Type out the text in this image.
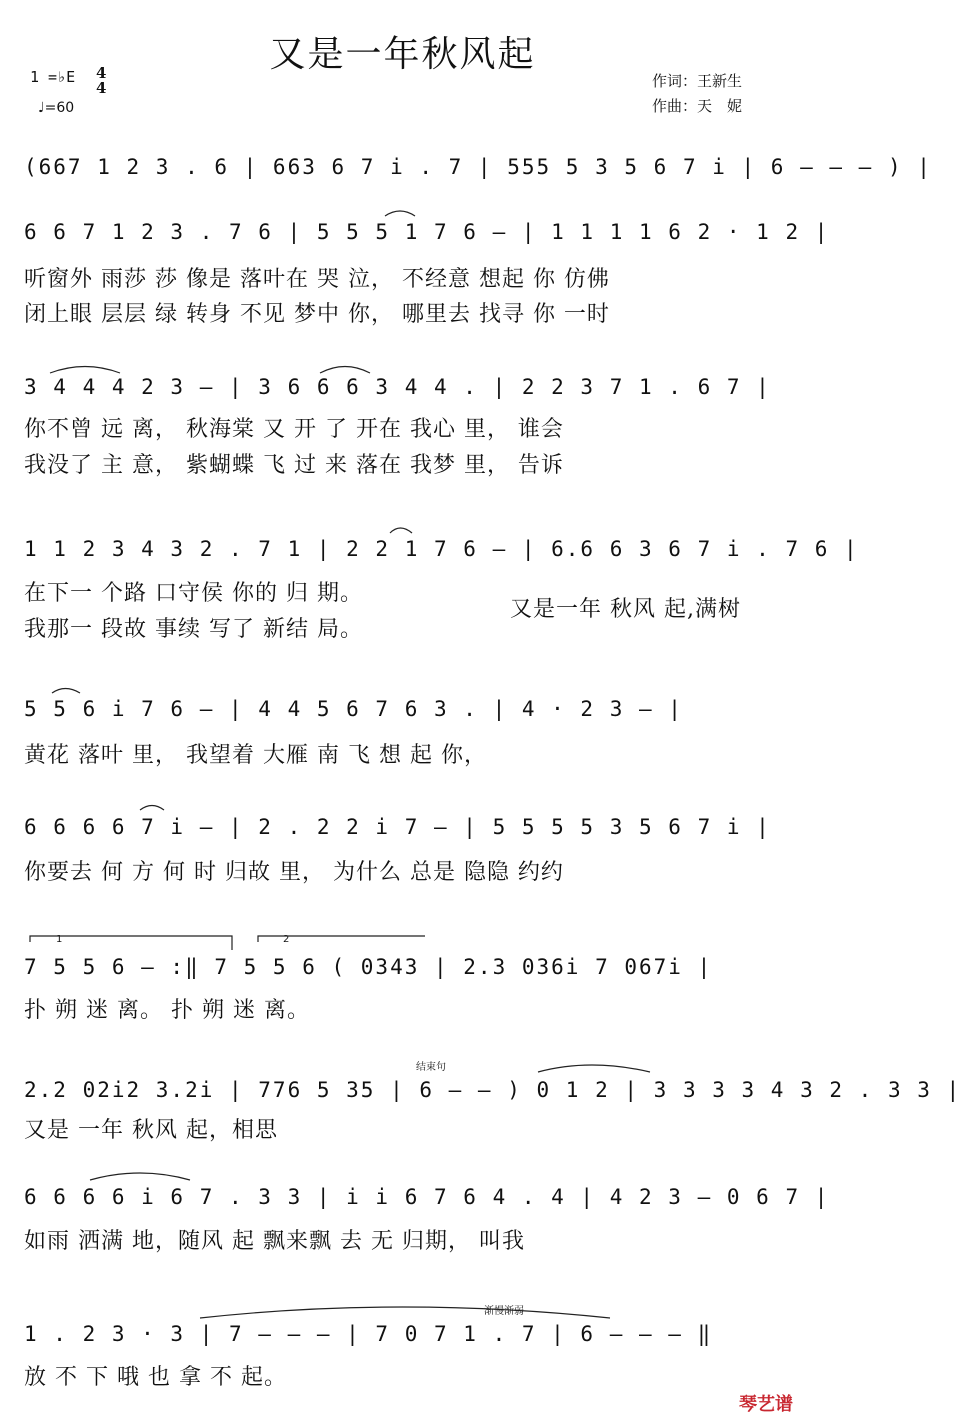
又是一年秋风起
1 =♭E 4
4
♩=60
作词：王新生
作曲：天　妮
(667 1 2 3 . 6 | 663 6 7 i . 7 | 555 5 3 5 6 7 i | 6 — — — ) |
6 6 7 1 2 3 . 7 6 | 5 5 5 1 7 6 — | 1 1 1 1 6 2 · 1 2 |
听窗外 雨莎 莎 像是 落叶在 哭 泣， 不经意 想起 你 仿佛
闭上眼 层层 绿 转身 不见 梦中 你， 哪里去 找寻 你 一时
3 4 4 4 2 3 — | 3 6 6 6 3 4 4 . | 2 2 3 7 1 . 6 7 |
你不曾 远 离， 秋海棠 又 开 了 开在 我心 里， 谁会
我没了 主 意， 紫蝴蝶 飞 过 来 落在 我梦 里， 告诉
1 1 2 3 4 3 2 . 7 1 | 2 2 1 7 6 — | 6.6 6 3 6 7 i . 7 6 |
在下一 个路 口守侯 你的 归 期。
我那一 段故 事续 写了 新结 局。
又是一年 秋风 起,满树
5 5 6 i 7 6 — | 4 4 5 6 7 6 3 . | 4 · 2 3 — |
黄花 落叶 里， 我望着 大雁 南 飞 想 起 你，
6 6 6 6 7 i — | 2 . 2 2 i 7 — | 5 5 5 5 3 5 6 7 i |
你要去 何 方 何 时 归故 里， 为什么 总是 隐隐 约约
1	2
7 5 5 6 — :‖ 7 5 5 6 ( 0343 | 2.3 036i 7 067i |
扑 朔 迷 离。 扑 朔 迷 离。
结束句
2.2 02i2 3.2i | 776 5 35 | 6 — — ) 0 1 2 | 3 3 3 3 4 3 2 . 3 3 |
又是 一年 秋风 起，相思
6 6 6 6 i 6 7 . 3 3 | i i 6 7 6 4 . 4 | 4 2 3 — 0 6 7 |
如雨 洒满 地，随风 起 飘来飘 去 无 归期， 叫我
渐慢渐弱
1 . 2 3 · 3 | 7 — — — | 7 0 7 1 . 7 | 6 — — — ‖
放 不 下 哦 也 拿 不 起。
琴艺谱
